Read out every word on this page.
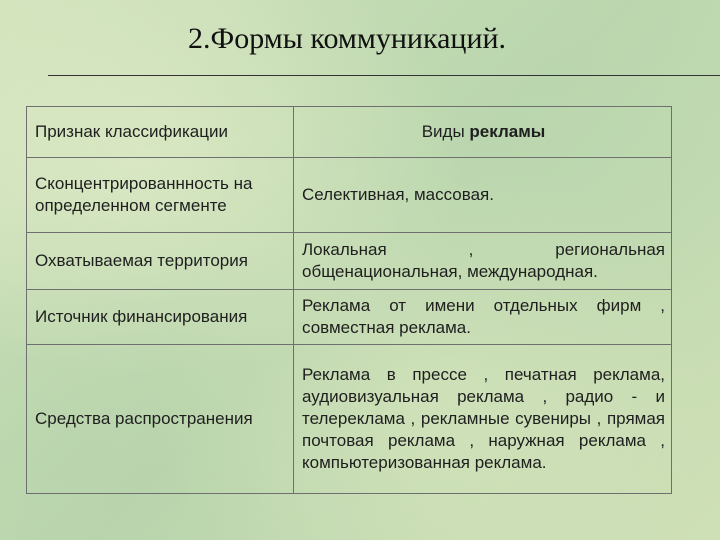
2.Формы коммуникаций.
Признак классификации	Виды рекламы
Сконцентрированнность на определенном сегменте	Селективная, массовая.
Охватываемая территория	Локальная , региональная общенациональная, международная.
Источник финансирования	Реклама от имени отдельных фирм , совместная реклама.
Средства распространения	Реклама в прессе , печатная реклама, аудиовизуальная реклама , радио - и телереклама , рекламные сувениры , прямая почтовая реклама , наружная реклама , компьютеризованная реклама.
